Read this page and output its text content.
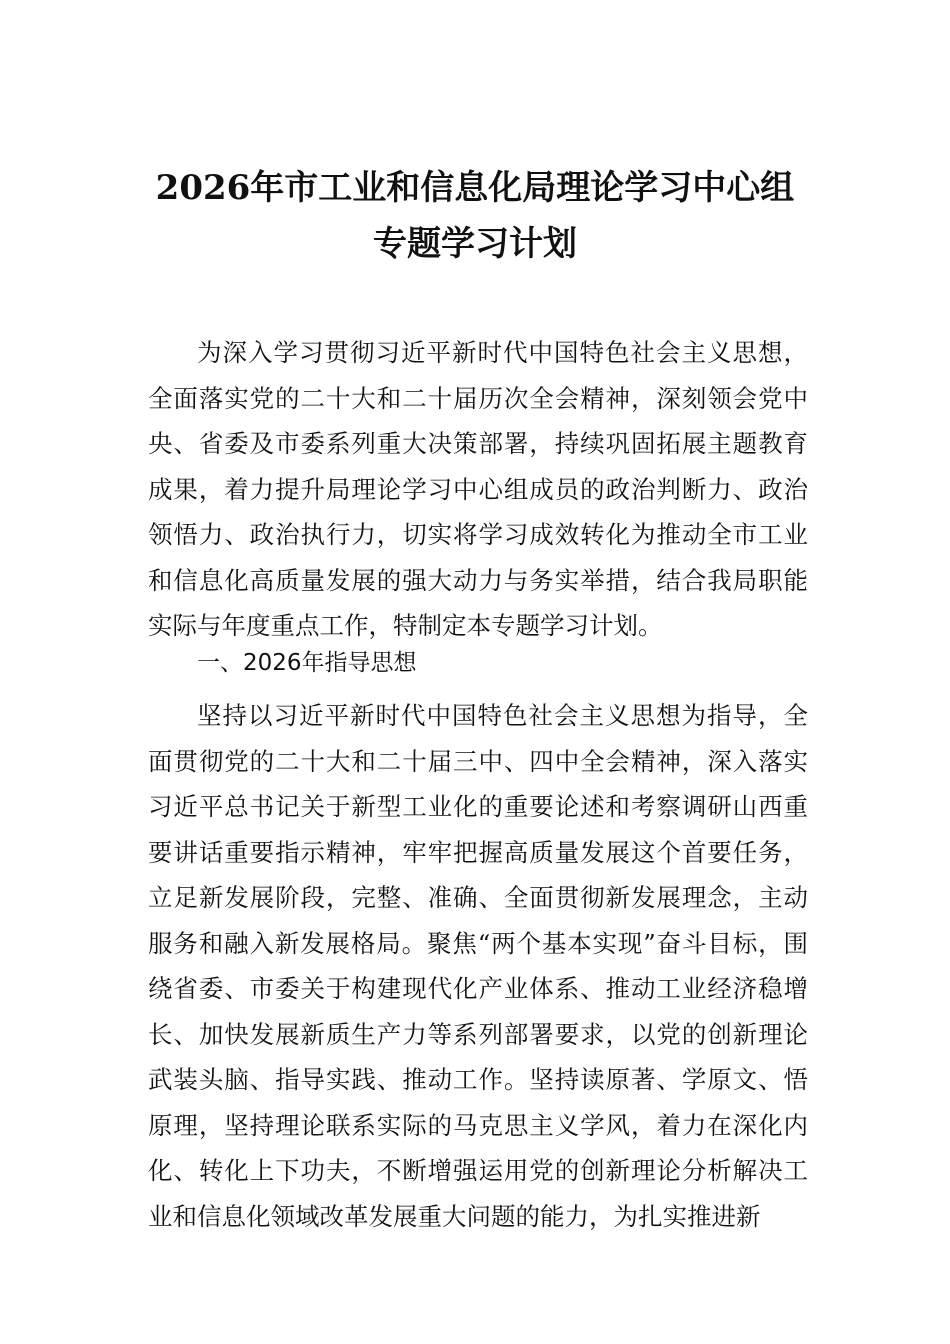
2026年市工业和信息化局理论学习中心组
专题学习计划

为深入学习贯彻习近平新时代中国特色社会主义思想，全面落实党的二十大和二十届历次全会精神，深刻领会党中央、省委及市委系列重大决策部署，持续巩固拓展主题教育成果，着力提升局理论学习中心组成员的政治判断力、政治领悟力、政治执行力，切实将学习成效转化为推动全市工业和信息化高质量发展的强大动力与务实举措，结合我局职能实际与年度重点工作，特制定本专题学习计划。

一、2026年指导思想

坚持以习近平新时代中国特色社会主义思想为指导，全面贯彻党的二十大和二十届三中、四中全会精神，深入落实习近平总书记关于新型工业化的重要论述和考察调研山西重要讲话重要指示精神，牢牢把握高质量发展这个首要任务，立足新发展阶段，完整、准确、全面贯彻新发展理念，主动服务和融入新发展格局。聚焦“两个基本实现”奋斗目标，围绕省委、市委关于构建现代化产业体系、推动工业经济稳增长、加快发展新质生产力等系列部署要求，以党的创新理论武装头脑、指导实践、推动工作。坚持读原著、学原文、悟原理，坚持理论联系实际的马克思主义学风，着力在深化内化、转化上下功夫，不断增强运用党的创新理论分析解决工业和信息化领域改革发展重大问题的能力，为扎实推进新
